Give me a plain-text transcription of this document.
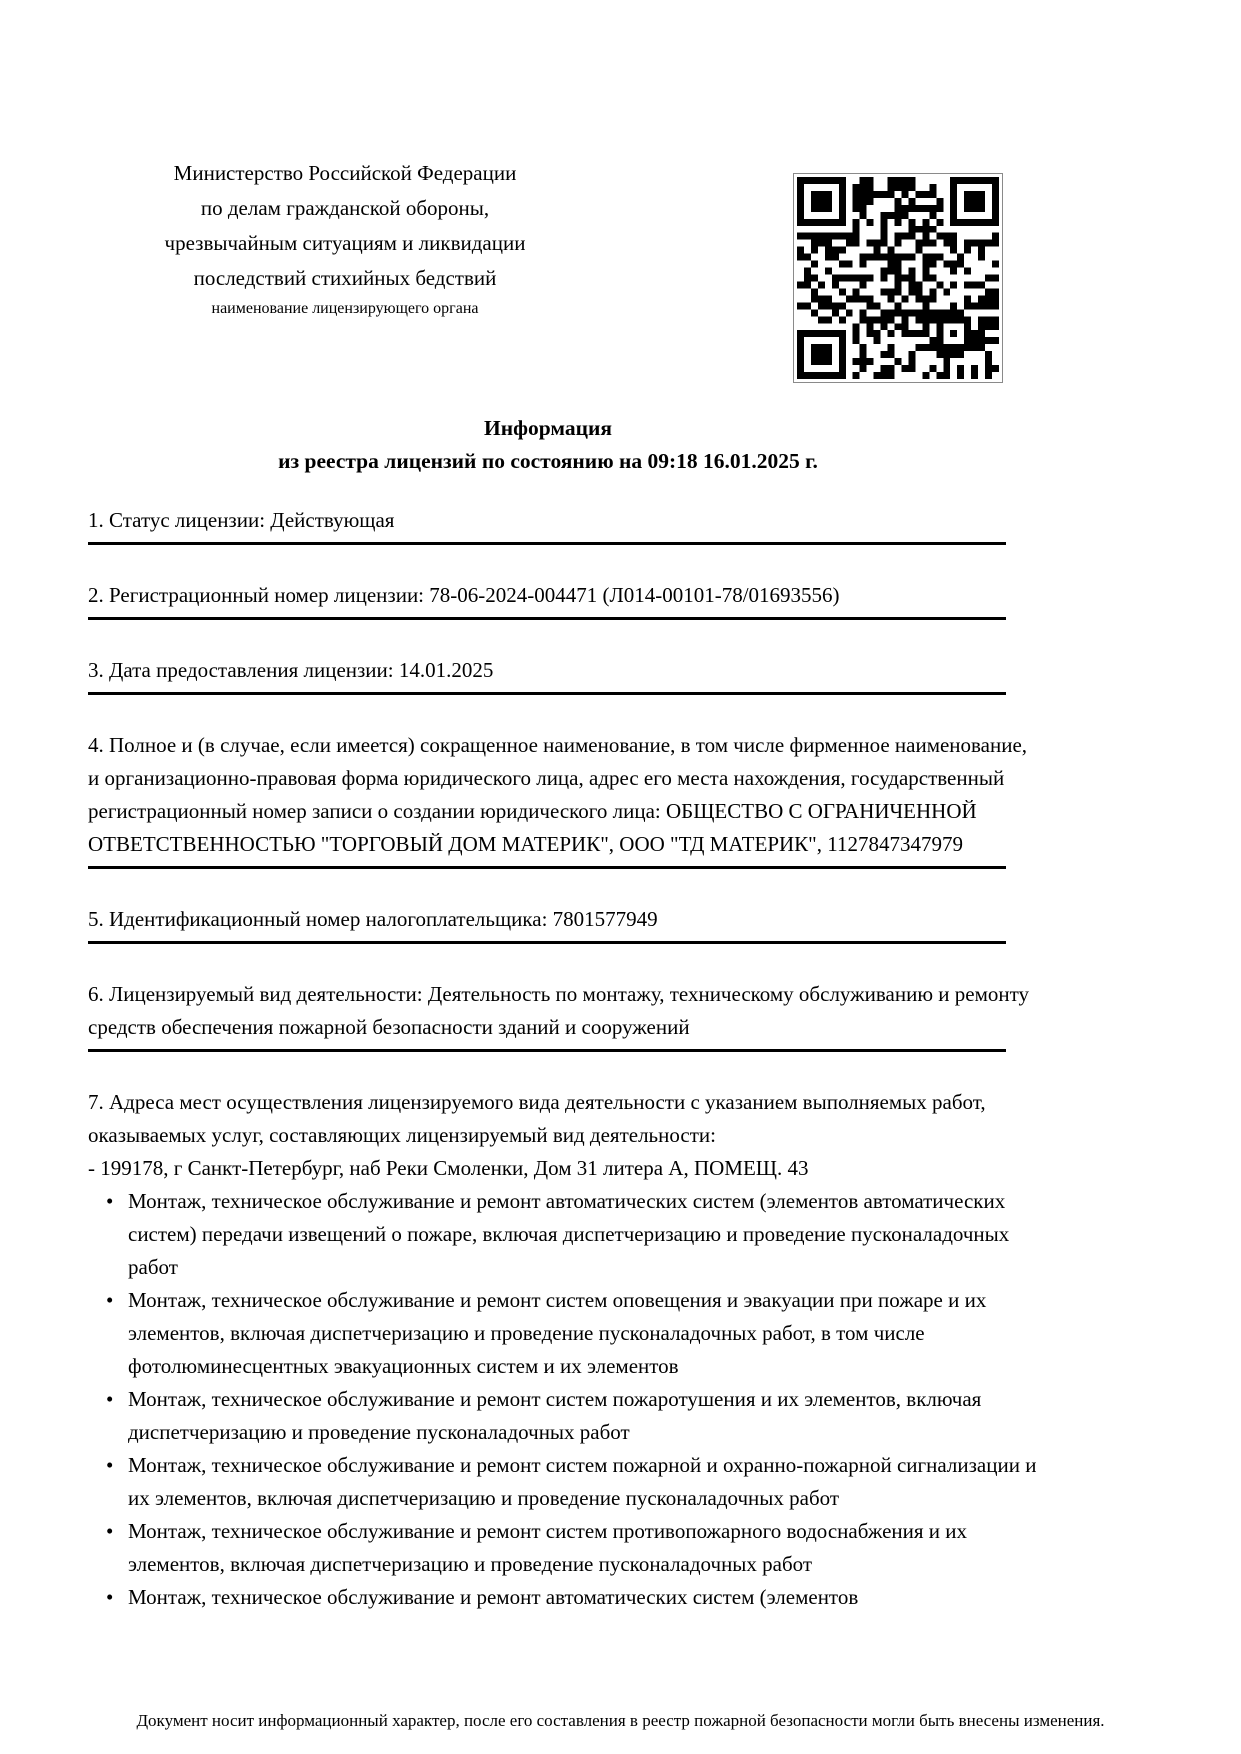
Министерство Российской Федерации
по делам гражданской обороны,
чрезвычайным ситуациям и ликвидации
последствий стихийных бедствий
наименование лицензирующего органа
Информация
из реестра лицензий по состоянию на 09:18 16.01.2025 г.

1. Статус лицензии: Действующая

2. Регистрационный номер лицензии: 78-06-2024-004471 (Л014-00101-78/01693556)

3. Дата предоставления лицензии: 14.01.2025

4. Полное и (в случае, если имеется) сокращенное наименование, в том числе фирменное наименование, и организационно-правовая форма юридического лица, адрес его места нахождения, государственный регистрационный номер записи о создании юридического лица: ОБЩЕСТВО С ОГРАНИЧЕННОЙ ОТВЕТСТВЕННОСТЬЮ "ТОРГОВЫЙ ДОМ МАТЕРИК", ООО "ТД МАТЕРИК", 1127847347979

5. Идентификационный номер налогоплательщика: 7801577949

6. Лицензируемый вид деятельности: Деятельность по монтажу, техническому обслуживанию и ремонту средств обеспечения пожарной безопасности зданий и сооружений

7. Адреса мест осуществления лицензируемого вида деятельности с указанием выполняемых работ, оказываемых услуг, составляющих лицензируемый вид деятельности:

- 199178, г Санкт-Петербург, наб Реки Смоленки, Дом 31 литера А, ПОМЕЩ. 43

• Монтаж, техническое обслуживание и ремонт автоматических систем (элементов автоматических систем) передачи извещений о пожаре, включая диспетчеризацию и проведение пусконаладочных работ
• Монтаж, техническое обслуживание и ремонт систем оповещения и эвакуации при пожаре и их элементов, включая диспетчеризацию и проведение пусконаладочных работ, в том числе фотолюминесцентных эвакуационных систем и их элементов
• Монтаж, техническое обслуживание и ремонт систем пожаротушения и их элементов, включая диспетчеризацию и проведение пусконаладочных работ
• Монтаж, техническое обслуживание и ремонт систем пожарной и охранно-пожарной сигнализации и их элементов, включая диспетчеризацию и проведение пусконаладочных работ
• Монтаж, техническое обслуживание и ремонт систем противопожарного водоснабжения и их элементов, включая диспетчеризацию и проведение пусконаладочных работ
• Монтаж, техническое обслуживание и ремонт автоматических систем (элементов
Документ носит информационный характер, после его составления в реестр пожарной безопасности могли быть внесены изменения.
